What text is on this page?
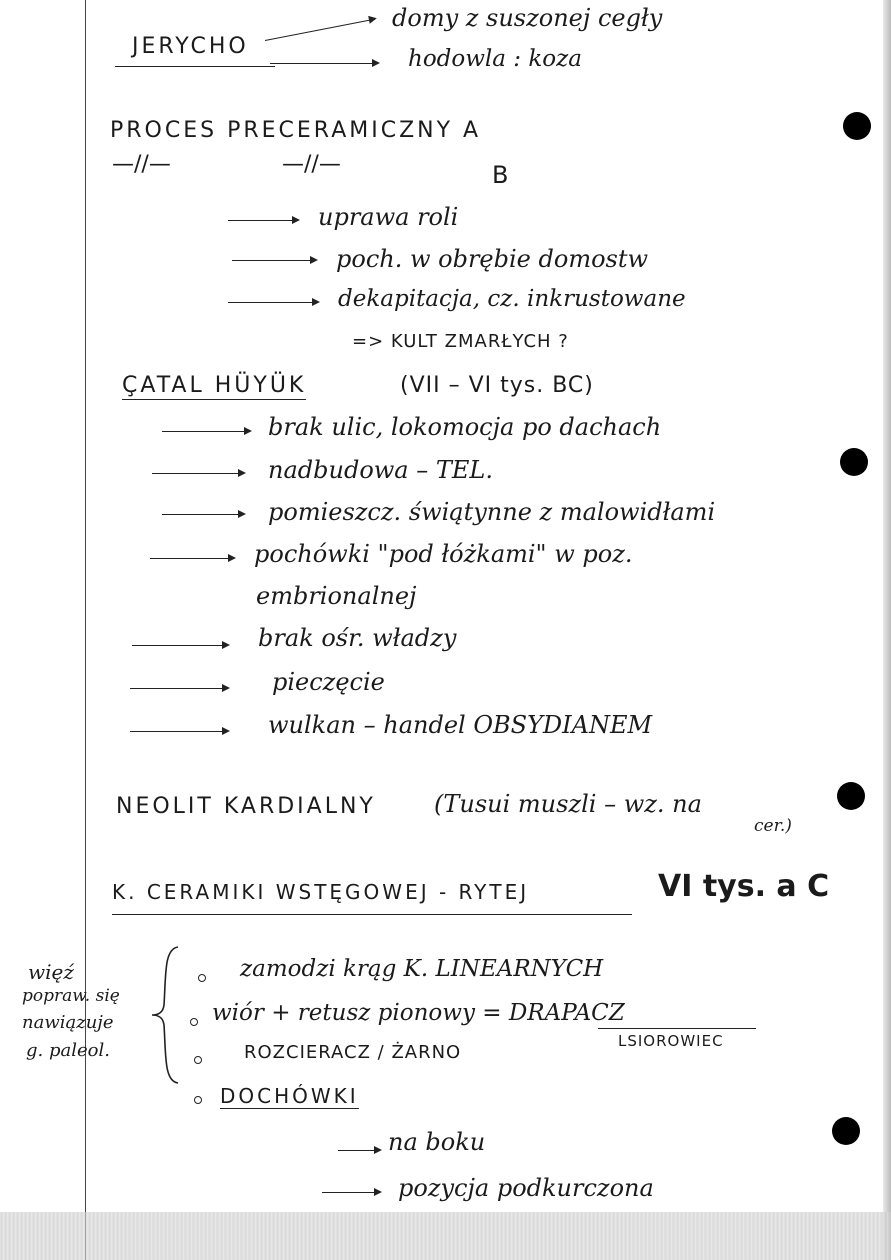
JERYCHO
domy z suszonej cegły
hodowla : koza
PROCES PRECERAMICZNY A
—//—	—//—	B
uprawa roli
poch. w obrębie domostw
dekapitacja, cz. inkrustowane
=> KULT ZMARŁYCH ?
ÇATAL HÜYÜK	(VII – VI tys. BC)
brak ulic, lokomocja po dachach
nadbudowa – TEL.
pomieszcz. świątynne z malowidłami
pochówki "pod łóżkami" w poz.
embrionalnej
brak ośr. władzy
pieczęcie
wulkan – handel OBSYDIANEM
NEOLIT KARDIALNY (Tusui muszli – wz. na
cer.)
K. CERAMIKI WSTĘGOWEJ - RYTEJ	VI tys. a C
więź
popraw. się
nawiązuje
g. paleol.
zamodzi krąg K. LINEARNYCH
wiór + retusz pionowy = DRAPACZ
LSIOROWIEC
ROZCIERACZ / ŻARNO
DOCHÓWKI
na boku
pozycja podkurczona
